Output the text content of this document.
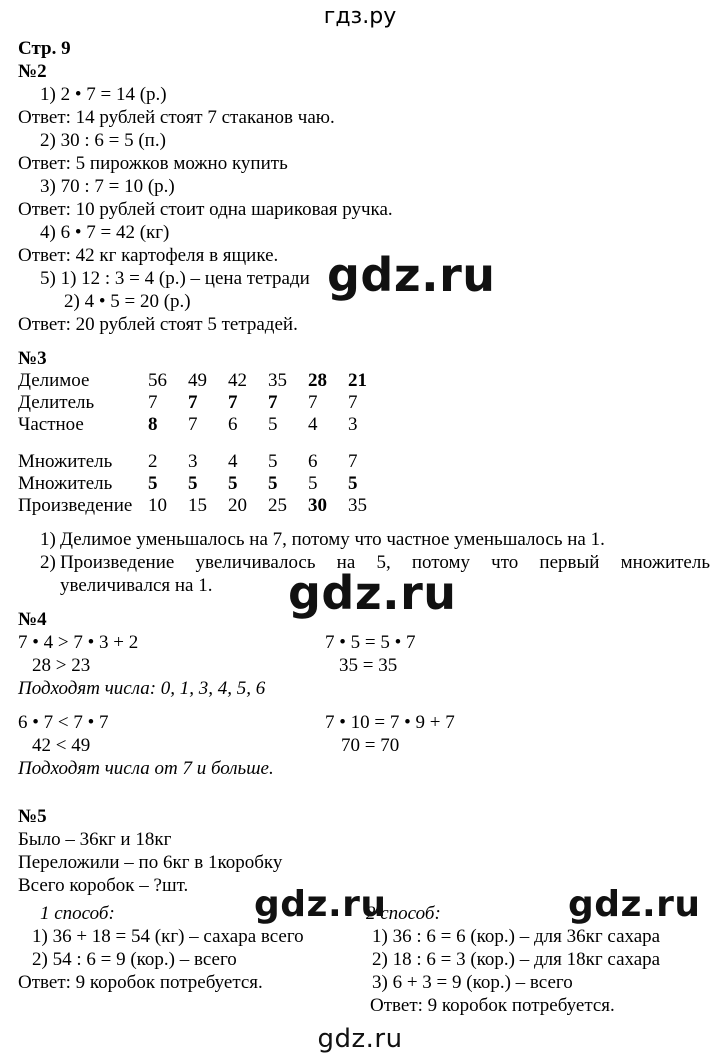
гдз.ру
Стр. 9
№2
1) 2 • 7 = 14 (р.)
Ответ: 14 рублей стоят 7 стаканов чаю.
2) 30 : 6 = 5 (п.)
Ответ: 5 пирожков можно купить
3) 70 : 7 = 10 (р.)
Ответ: 10 рублей стоит одна шариковая ручка.
4) 6 • 7 = 42 (кг)
Ответ: 42 кг картофеля в ящике.
5) 1) 12 : 3 = 4 (р.) – цена тетради
2) 4 • 5 = 20 (р.)
Ответ: 20 рублей стоят 5 тетрадей.
gdz.ru
№3
Делимое	56	49	42	35	28	21
Делитель	7	7	7	7	7	7
Частное	8	7	6	5	4	3
Множитель	2	3	4	5	6	7
Множитель	5	5	5	5	5	5
Произведение	10	15	20	25	30	35
1) Делимое уменьшалось на 7, потому что частное уменьшалось на 1.
2) Произведение увеличивалось на 5, потому что первый множитель
увеличивался на 1. gdz.ru
№4
7 • 4 > 7 • 3 + 2
28 > 23
Подходят числа: 0, 1, 3, 4, 5, 6
7 • 5 = 5 • 7
35 = 35
6 • 7 < 7 • 7
42 < 49
Подходят числа от 7 и больше.
7 • 10 = 7 • 9 + 7
70 = 70
№5
Было – 36кг и 18кг
Переложили – по 6кг в 1коробку
Всего коробок – ?шт.
1 способ:
1) 36 + 18 = 54 (кг) – сахара всего
2) 54 : 6 = 9 (кор.) – всего
Ответ: 9 коробок потребуется.
2 способ:
1) 36 : 6 = 6 (кор.) – для 36кг сахара
2) 18 : 6 = 3 (кор.) – для 18кг сахара
3) 6 + 3 = 9 (кор.) – всего
Ответ: 9 коробок потребуется.
gdz.ru	gdz.ru
gdz.ru
